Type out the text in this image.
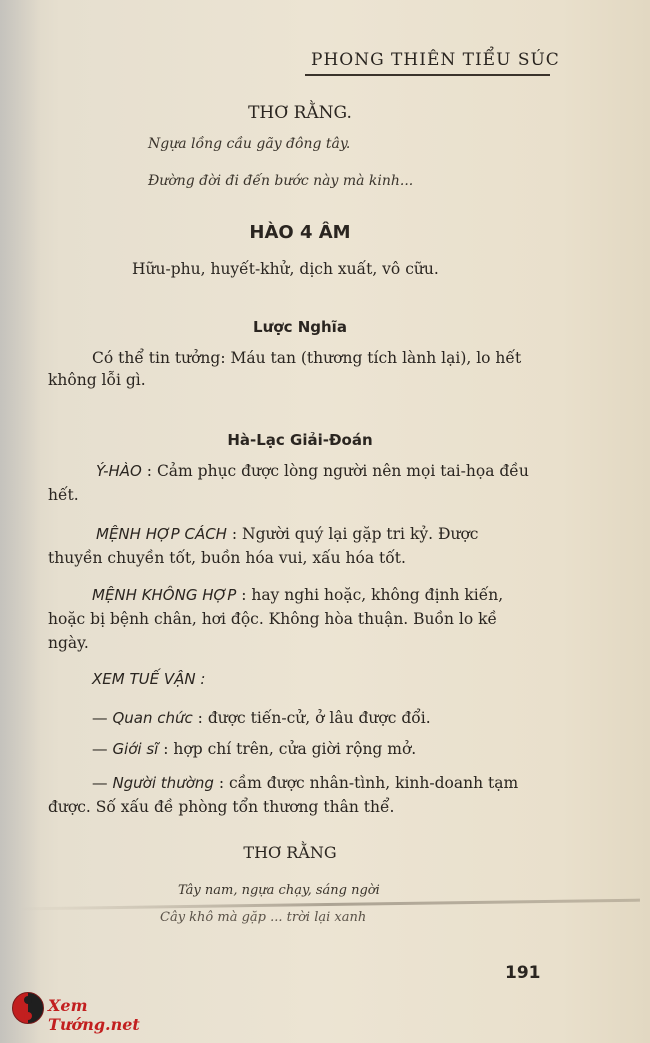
PHONG THIÊN TIỂU SÚC
THƠ RẰNG.
Ngựa lồng cầu gãy đông tây.
Đường đời đi đến bước này mà kinh...
HÀO 4 ÂM
Hữu-phu, huyết-khử, dịch xuất, vô cữu.
Lược Nghĩa
Có thể tin tưởng: Máu tan (thương tích lành lại), lo hết
không lỗi gì.
Hà-Lạc Giải-Đoán
Ý-HÀO : Cảm phục được lòng người nên mọi tai-họa đều
hết.
MỆNH HỢP CÁCH : Người quý lại gặp tri kỷ. Được
thuyền chuyền tốt, buồn hóa vui, xấu hóa tốt.
MỆNH KHÔNG HỢP : hay nghi hoặc, không định kiến,
hoặc bị bệnh chân, hơi độc. Không hòa thuận. Buồn lo kề
ngày.
XEM TUẾ VẬN :
— Quan chức : được tiến-cử, ở lâu được đổi.
— Giới sĩ : hợp chí trên, cửa giời rộng mở.
— Người thường : cầm được nhân-tình, kinh-doanh tạm
được. Số xấu đề phòng tổn thương thân thể.
THƠ RẰNG
Tây nam, ngựa chạy, sáng ngời
Cây khô mà gặp ... trời lại xanh
191
Xem Tướng.net
